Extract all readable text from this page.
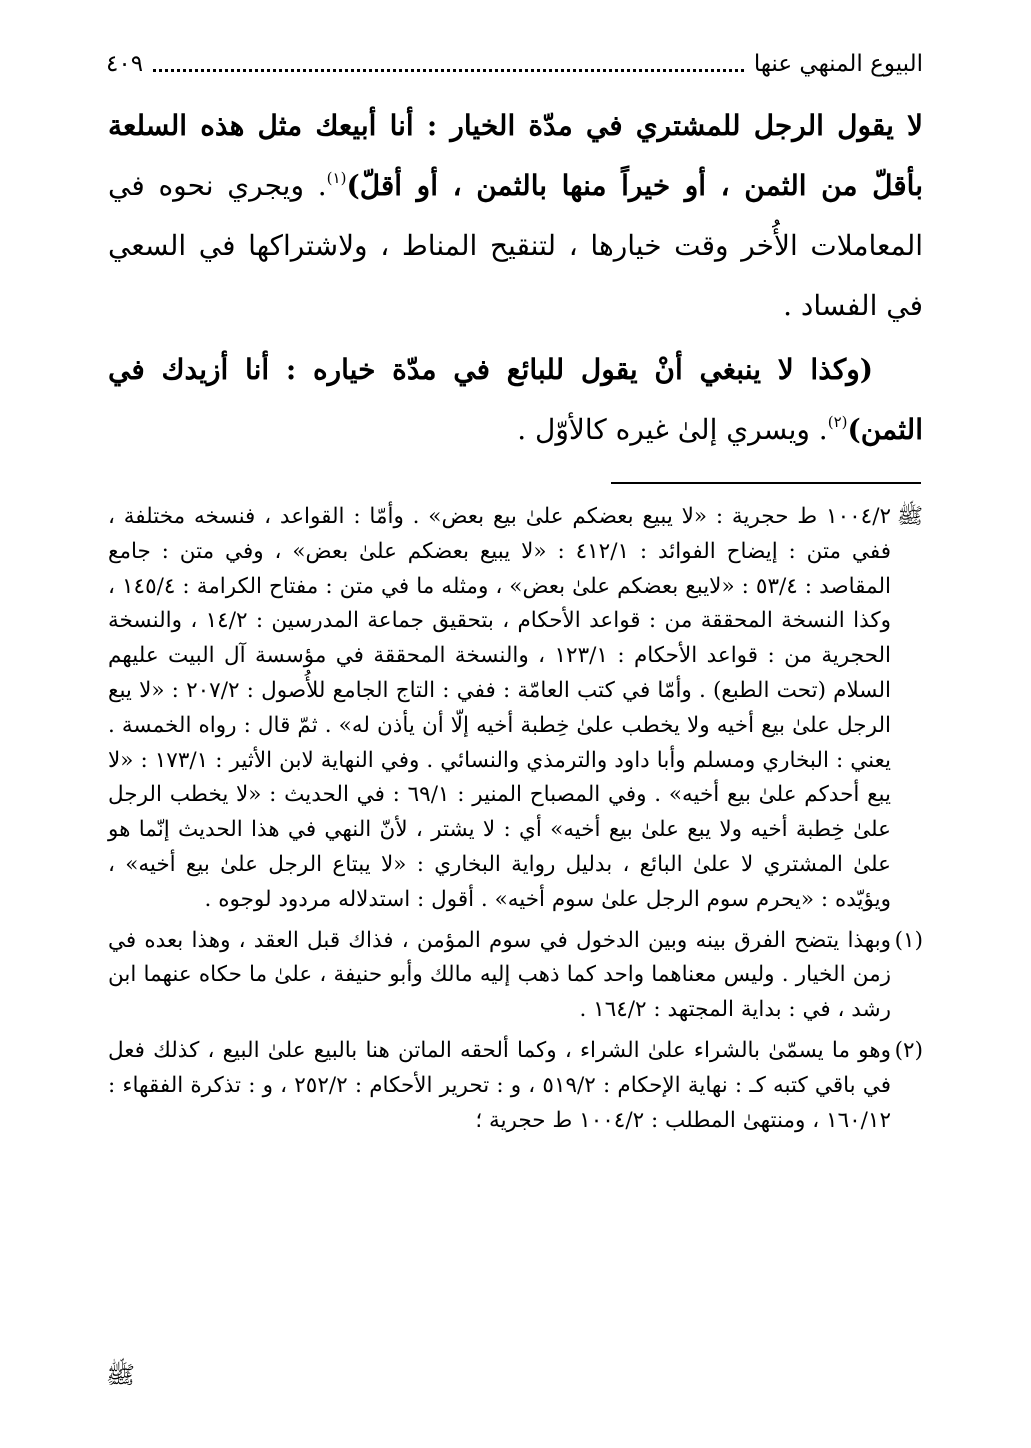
البيوع المنهي عنها
٤٠٩

لا يقول الرجل للمشتري في مدّة الخيار : أنا أبيعك مثل هذه السلعة بأقلّ من الثمن ، أو خيراً منها بالثمن ، أو أقلّ)$^{(١)}$. ويجري نحوه في المعاملات الأُخر وقت خيارها ، لتنقيح المناط ، ولاشتراكها في السعي في الفساد .

(وكذا لا ينبغي أنْ يقول للبائع في مدّة خياره : أنا أزيدك في الثمن)$^{(٢)}$. ويسري إلىٰ غيره كالأوّل .

ﷺ
١٠٠٤/٢ ط حجرية : «لا يبيع بعضكم علىٰ بيع بعض» . وأمّا : القواعد ، فنسخه مختلفة ، ففي متن : إيضاح الفوائد : ٤١٢/١ : «لا يبيع بعضكم علىٰ بعض» ، وفي متن : جامع المقاصد : ٥٣/٤ : «لايبع بعضكم علىٰ بعض» ، ومثله ما في متن : مفتاح الكرامة : ١٤٥/٤ ، وكذا النسخة المحققة من : قواعد الأحكام ، بتحقيق جماعة المدرسين : ١٤/٢ ، والنسخة الحجرية من : قواعد الأحكام : ١٢٣/١ ، والنسخة المحققة في مؤسسة آل البيت عليهم السلام (تحت الطبع) . وأمّا في كتب العامّة : ففي : التاج الجامع للأُصول : ٢٠٧/٢ : «لا يبع الرجل علىٰ بيع أخيه ولا يخطب علىٰ خِطبة أخيه إلّا أن يأذن له» . ثمّ قال : رواه الخمسة . يعني : البخاري ومسلم وأبا داود والترمذي والنسائي . وفي النهاية لابن الأثير : ١٧٣/١ : «لا يبع أحدكم علىٰ بيع أخيه» . وفي المصباح المنير : ٦٩/١ : في الحديث : «لا يخطب الرجل علىٰ خِطبة أخيه ولا يبع علىٰ بيع أخيه» أي : لا يشتر ، لأنّ النهي في هذا الحديث إنّما هو علىٰ المشتري لا علىٰ البائع ، بدليل رواية البخاري : «لا يبتاع الرجل علىٰ بيع أخيه» ، ويؤيّده : «يحرم سوم الرجل علىٰ سوم أخيه» . أقول : استدلاله مردود لوجوه .

(١)
وبهذا يتضح الفرق بينه وبين الدخول في سوم المؤمن ، فذاك قبل العقد ، وهذا بعده في زمن الخيار . وليس معناهما واحد كما ذهب إليه مالك وأبو حنيفة ، علىٰ ما حكاه عنهما ابن رشد ، في : بداية المجتهد : ١٦٤/٢ .

(٢)
وهو ما يسمّىٰ بالشراء علىٰ الشراء ، وكما ألحقه الماتن هنا بالبيع علىٰ البيع ، كذلك فعل في باقي كتبه كـ : نهاية الإحكام : ٥١٩/٢ ، و : تحرير الأحكام : ٢٥٢/٢ ، و : تذكرة الفقهاء : ١٦٠/١٢ ، ومنتهىٰ المطلب : ١٠٠٤/٢ ط حجرية ؛

ﷺ
